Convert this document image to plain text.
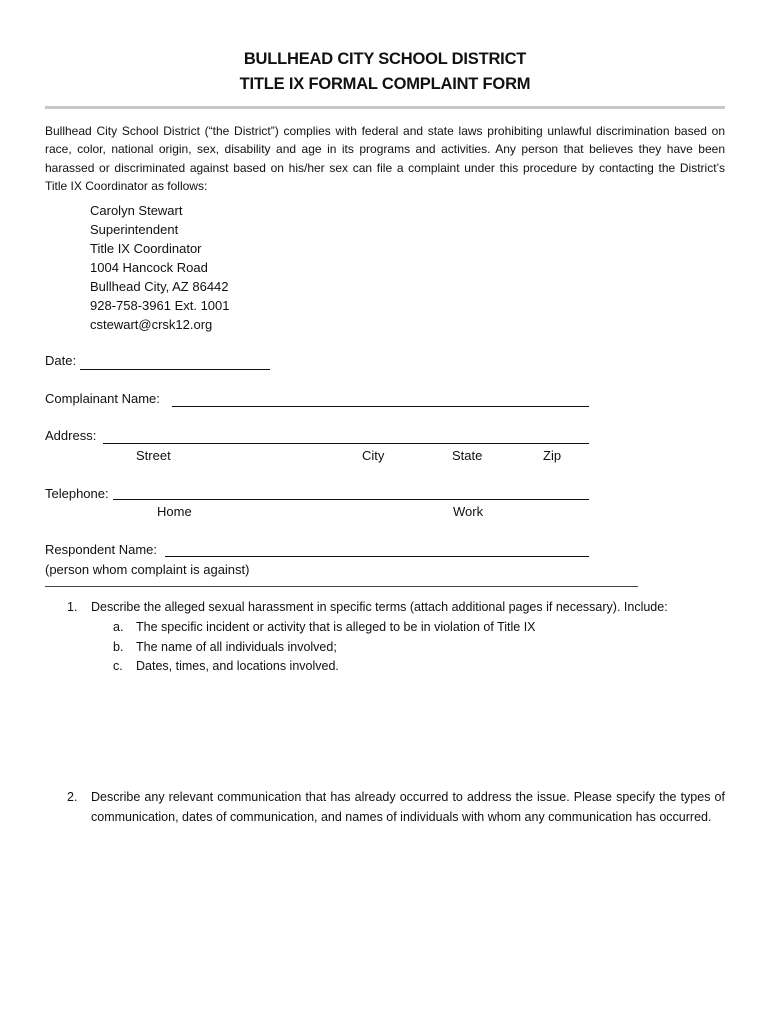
BULLHEAD CITY SCHOOL DISTRICT
TITLE IX FORMAL COMPLAINT FORM
Bullhead City School District (“the District”) complies with federal and state laws prohibiting unlawful discrimination based on race, color, national origin, sex, disability and age in its programs and activities. Any person that believes they have been harassed or discriminated against based on his/her sex can file a complaint under this procedure by contacting the District’s Title IX Coordinator as follows:
Carolyn Stewart
Superintendent
Title IX Coordinator
1004 Hancock Road
Bullhead City, AZ 86442
928-758-3961 Ext. 1001
cstewart@crsk12.org
Date:
Complainant Name:
Address:
Street	City	State	Zip
Telephone:
Home	Work
Respondent Name:
(person whom complaint is against)
1. Describe the alleged sexual harassment in specific terms (attach additional pages if necessary). Include:
a. The specific incident or activity that is alleged to be in violation of Title IX
b. The name of all individuals involved;
c. Dates, times, and locations involved.
2.	Describe any relevant communication that has already occurred to address the issue. Please specify the types of communication, dates of communication, and names of individuals with whom any communication has occurred.
